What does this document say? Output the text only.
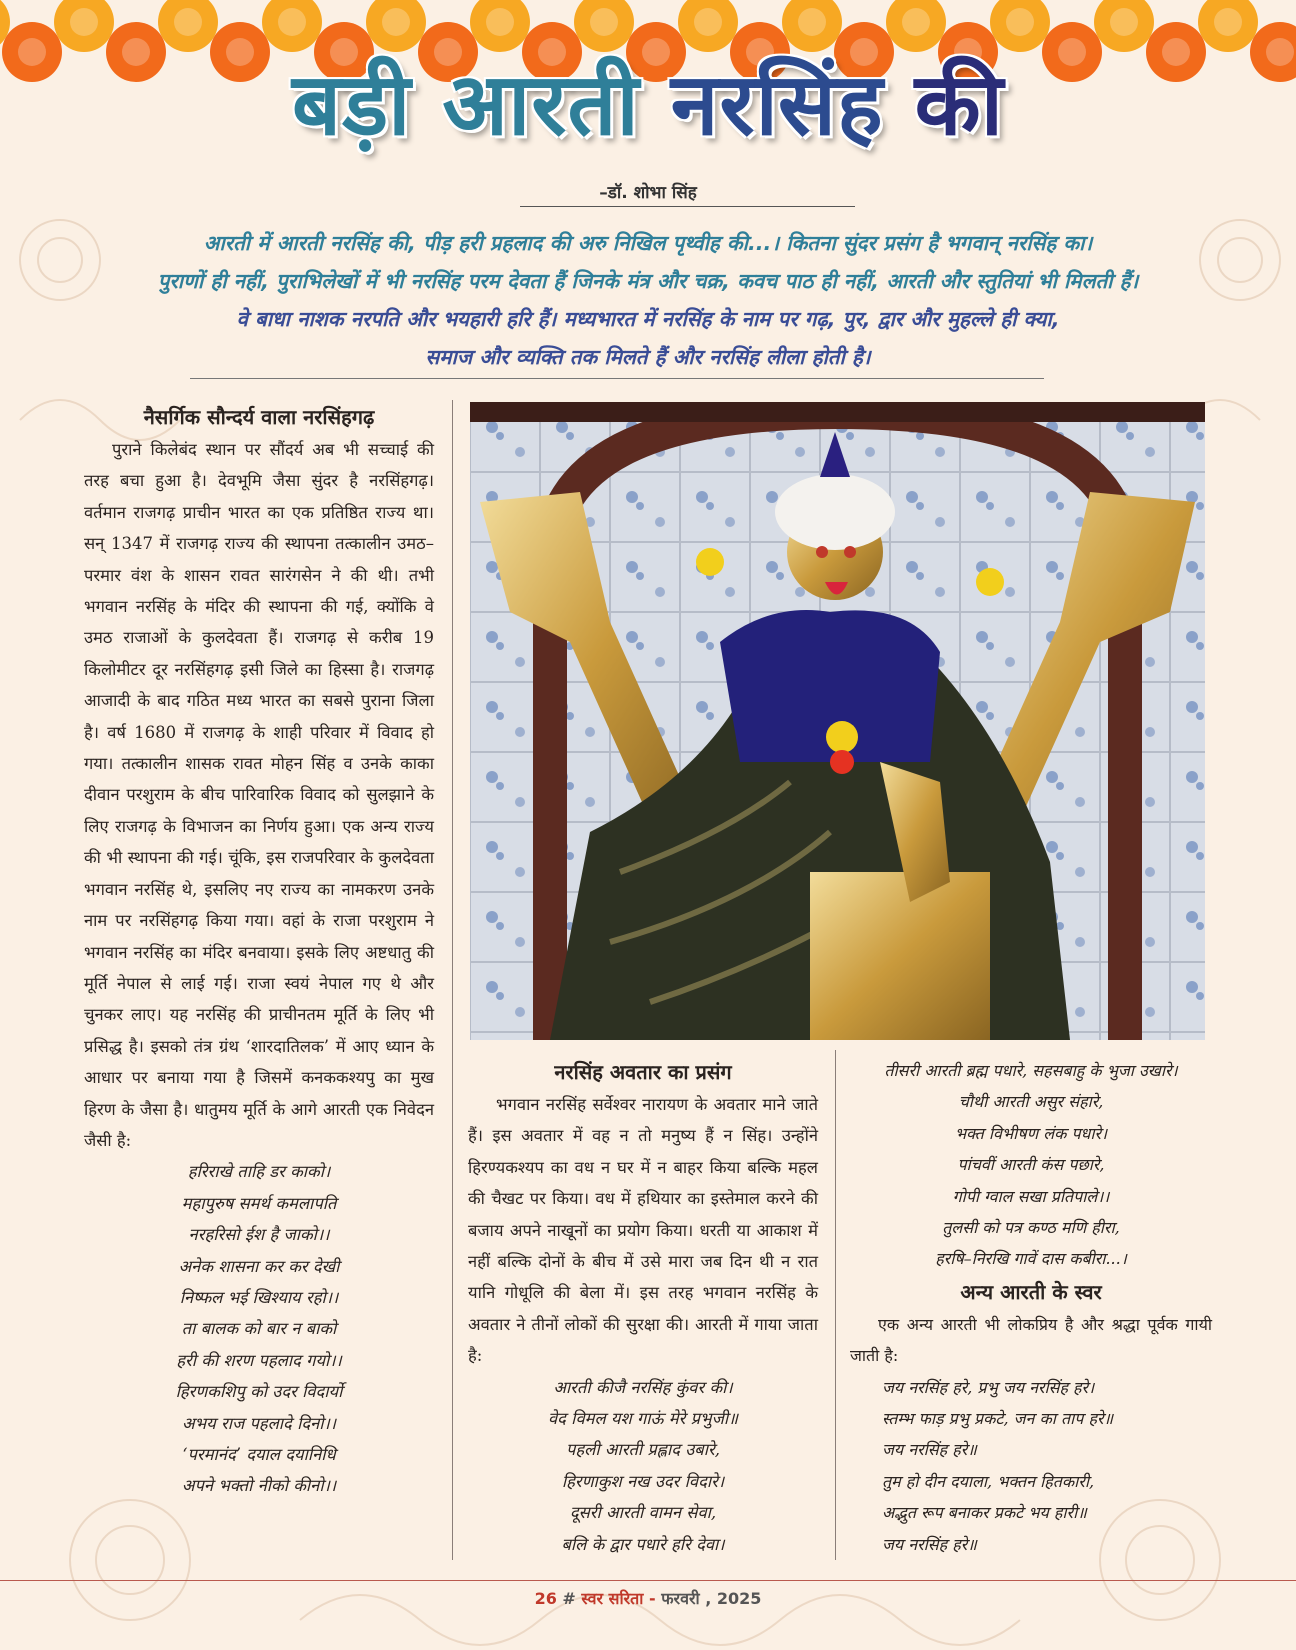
बड़ी आरती नरसिंह की
–डॉ. शोभा सिंह
आरती में आरती नरसिंह की, पीड़ हरी प्रहलाद की अरु निखिल पृथ्वीह की...। कितना सुंदर प्रसंग है भगवान् नरसिंह का।
पुराणों ही नहीं, पुराभिलेखों में भी नरसिंह परम देवता हैं जिनके मंत्र और चक्र, कवच पाठ ही नहीं, आरती और स्तुतियां भी मिलती हैं।
वे बाधा नाशक नरपति और भयहारी हरि हैं। मध्यभारत में नरसिंह के नाम पर गढ़, पुर, द्वार और मुहल्ले ही क्या,
समाज और व्यक्ति तक मिलते हैं और नरसिंह लीला होती है।
नैसर्गिक सौन्दर्य वाला नरसिंहगढ़

पुराने किलेबंद स्थान पर सौंदर्य अब भी सच्चाई की तरह बचा हुआ है। देवभूमि जैसा सुंदर है नरसिंहगढ़। वर्तमान राजगढ़ प्राचीन भारत का एक प्रतिष्ठित राज्य था। सन् 1347 में राजगढ़ राज्य की स्थापना तत्कालीन उमठ–परमार वंश के शासन रावत सारंगसेन ने की थी। तभी भगवान नरसिंह के मंदिर की स्थापना की गई, क्योंकि वे उमठ राजाओं के कुलदेवता हैं। राजगढ़ से करीब 19 किलोमीटर दूर नरसिंहगढ़ इसी जिले का हिस्सा है। राजगढ़ आजादी के बाद गठित मध्य भारत का सबसे पुराना जिला है। वर्ष 1680 में राजगढ़ के शाही परिवार में विवाद हो गया। तत्कालीन शासक रावत मोहन सिंह व उनके काका दीवान परशुराम के बीच पारिवारिक विवाद को सुलझाने के लिए राजगढ़ के विभाजन का निर्णय हुआ। एक अन्य राज्य की भी स्थापना की गई। चूंकि, इस राजपरिवार के कुलदेवता भगवान नरसिंह थे, इसलिए नए राज्य का नामकरण उनके नाम पर नरसिंहगढ़ किया गया। वहां के राजा परशुराम ने भगवान नरसिंह का मंदिर बनवाया। इसके लिए अष्टधातु की मूर्ति नेपाल से लाई गई। राजा स्वयं नेपाल गए थे और चुनकर लाए। यह नरसिंह की प्राचीनतम मूर्ति के लिए भी प्रसिद्ध है। इसको तंत्र ग्रंथ ‘शारदातिलक’ में आए ध्यान के आधार पर बनाया गया है जिसमें कनककश्यपु का मुख हिरण के जैसा है। धातुमय मूर्ति के आगे आरती एक निवेदन जैसी है:

हरिराखे ताहि डर काको।
महापुरुष समर्थ कमलापति
नरहरिसो ईश है जाको।।
अनेक शासना कर कर देखी
निष्फल भई खिश्याय रहो।।
ता बालक को बार न बाको
हरी की शरण पहलाद गयो।।
हिरणकशिपु को उदर विदार्यो
अभय राज पहलादे दिनो।।
‘परमानंद’ दयाल दयानिधि
अपने भक्तो नीको कीनो।।
नरसिंह अवतार का प्रसंग

भगवान नरसिंह सर्वेश्वर नारायण के अवतार माने जाते हैं। इस अवतार में वह न तो मनुष्य हैं न सिंह। उन्होंने हिरण्यकश्यप का वध न घर में न बाहर किया बल्कि महल की चैखट पर किया। वध में हथियार का इस्तेमाल करने की बजाय अपने नाखूनों का प्रयोग किया। धरती या आकाश में नहीं बल्कि दोनों के बीच में उसे मारा जब दिन थी न रात यानि गोधूलि की बेला में। इस तरह भगवान नरसिंह के अवतार ने तीनों लोकों की सुरक्षा की। आरती में गाया जाता है:

आरती कीजै नरसिंह कुंवर की।
वेद विमल यश गाऊं मेरे प्रभुजी॥
पहली आरती प्रह्लाद उबारे,
हिरणाकुश नख उदर विदारे।
दूसरी आरती वामन सेवा,
बलि के द्वार पधारे हरि देवा।
तीसरी आरती ब्रह्म पधारे, सहसबाहु के भुजा उखारे।
चौथी आरती असुर संहारे,
भक्त विभीषण लंक पधारे।
पांचवीं आरती कंस पछारे,
गोपी ग्वाल सखा प्रतिपाले।।
तुलसी को पत्र कण्ठ मणि हीरा,
हरषि–निरखि गावें दास कबीरा...।
अन्य आरती के स्वर

एक अन्य आरती भी लोकप्रिय है और श्रद्धा पूर्वक गायी जाती है:

जय नरसिंह हरे, प्रभु जय नरसिंह हरे।
स्तम्भ फाड़ प्रभु प्रकटे, जन का ताप हरे॥
जय नरसिंह हरे॥
तुम हो दीन दयाला, भक्तन हितकारी,
अद्भुत रूप बनाकर प्रकटे भय हारी॥
जय नरसिंह हरे॥
26 # स्वर सरिता - फरवरी , 2025
